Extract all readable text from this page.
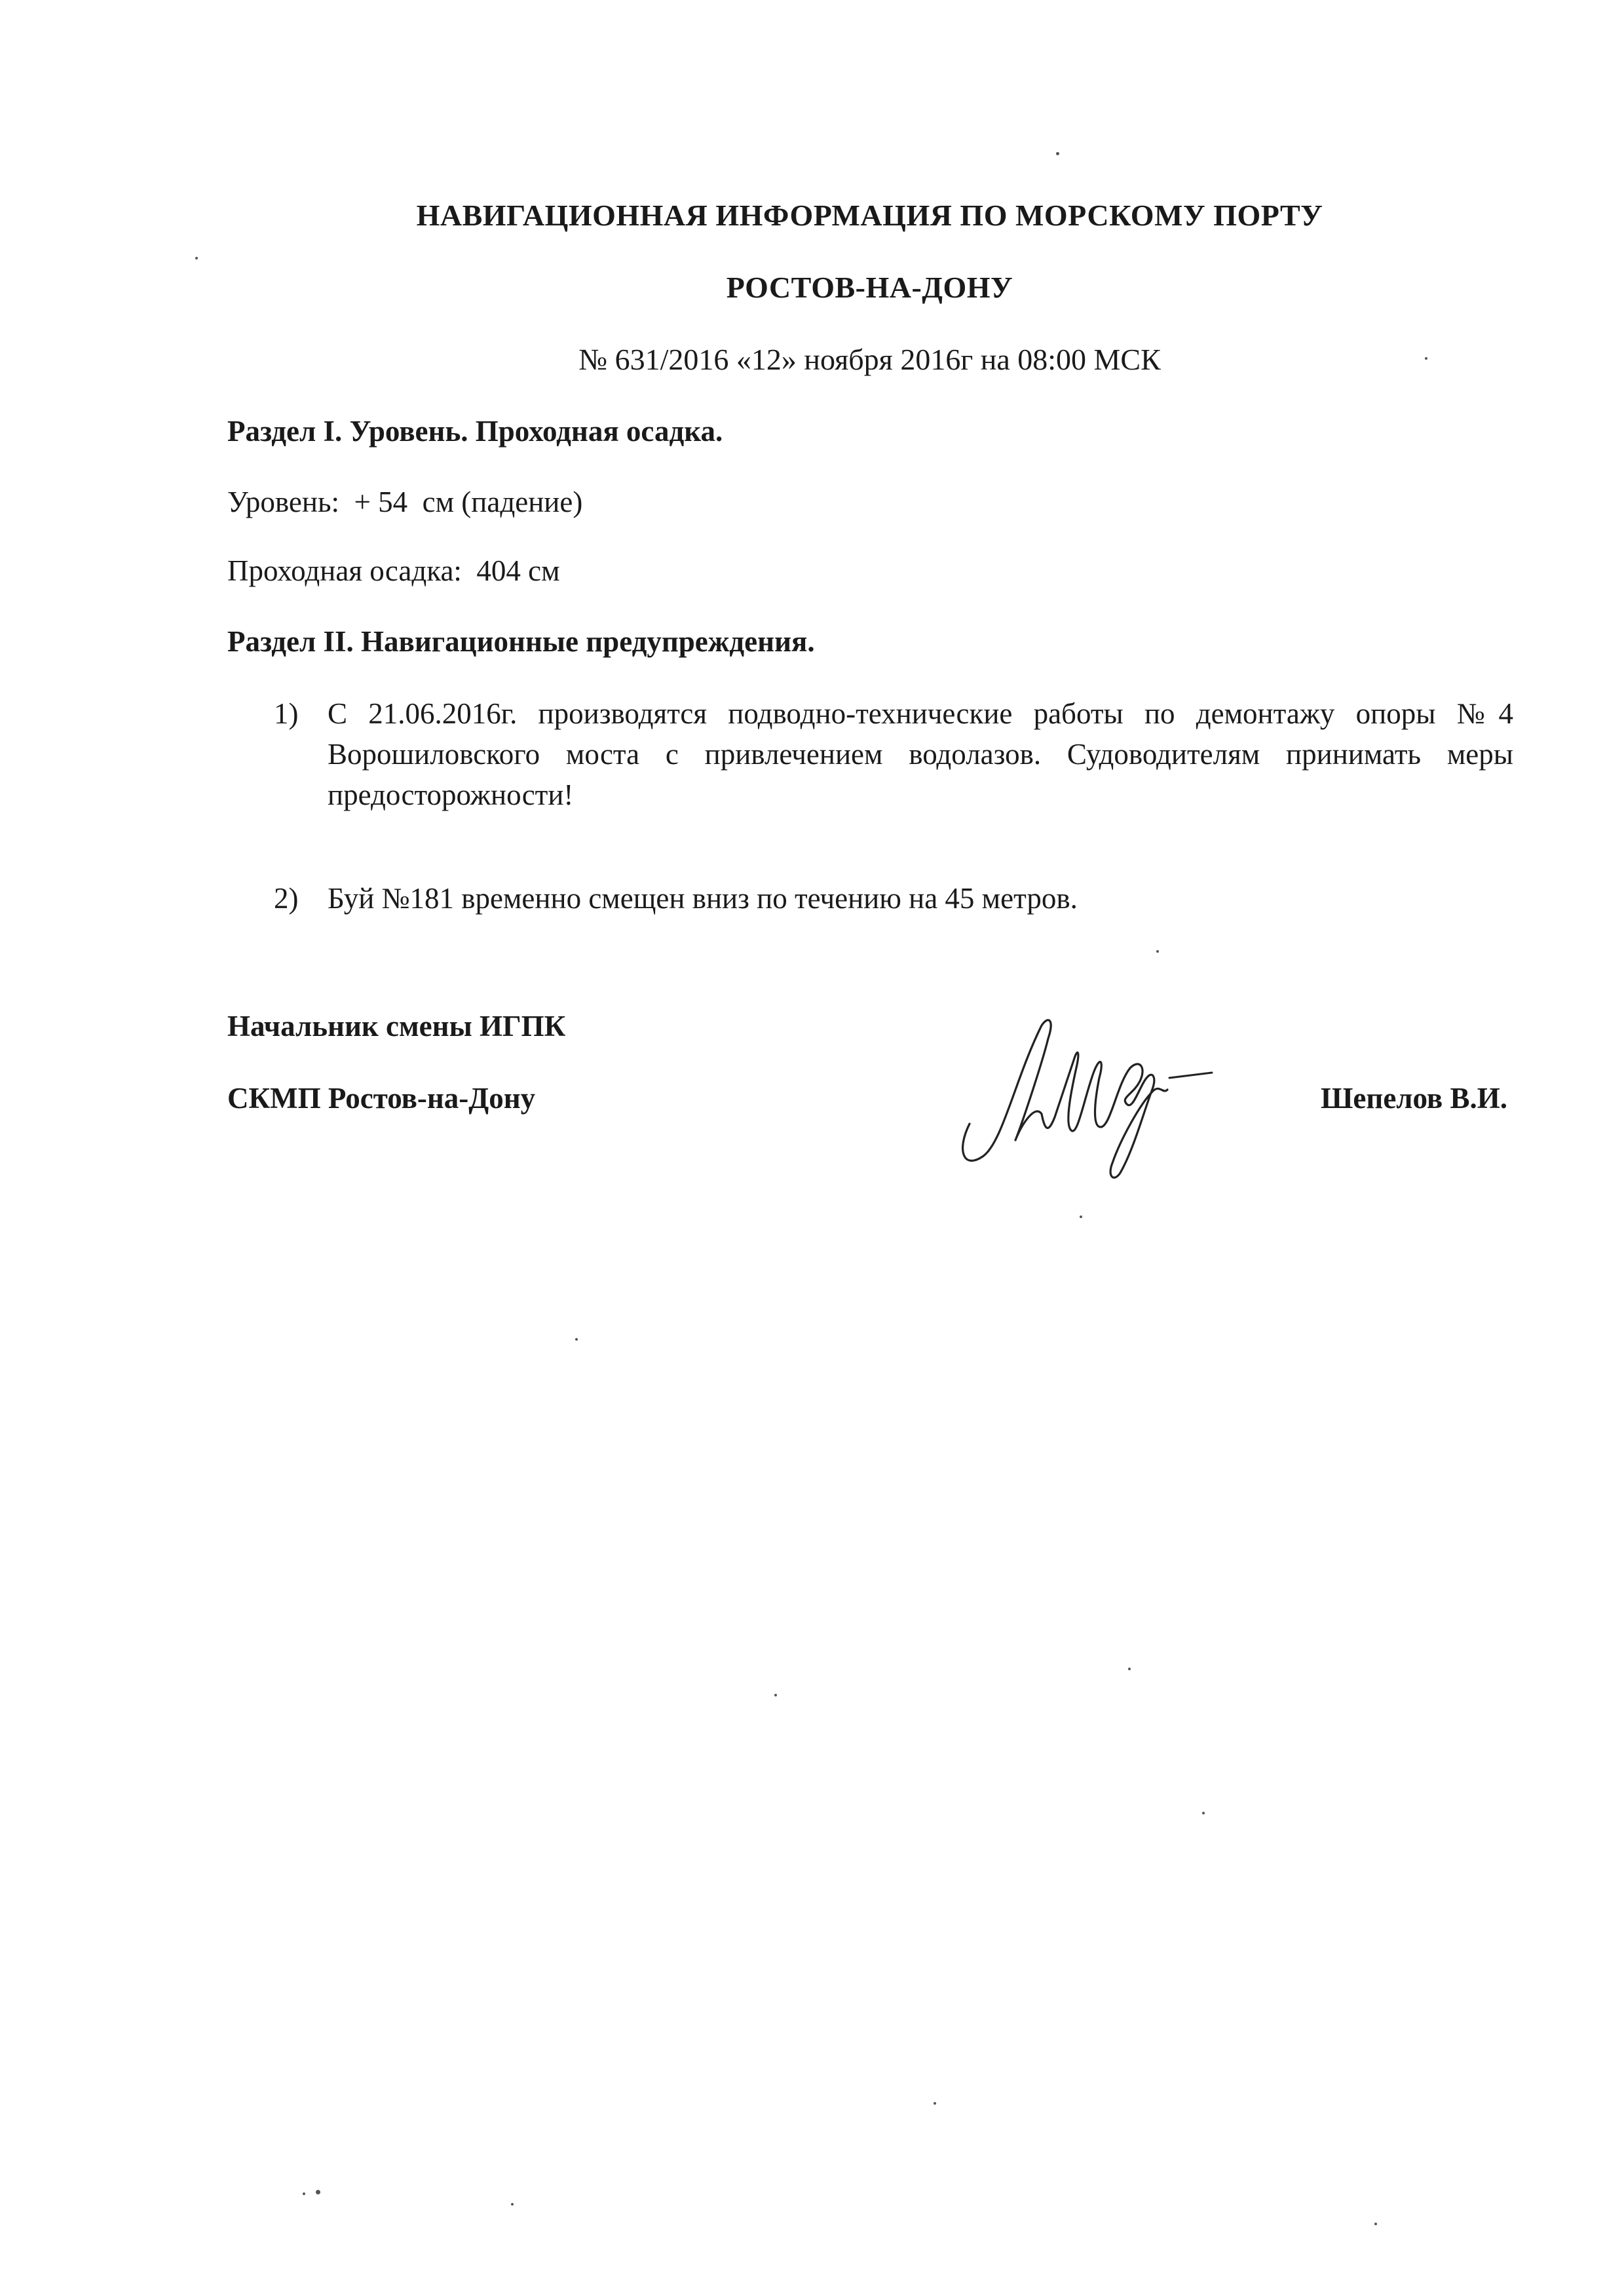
НАВИГАЦИОННАЯ ИНФОРМАЦИЯ ПО МОРСКОМУ ПОРТУ
РОСТОВ-НА-ДОНУ
№ 631/2016 «12» ноября 2016г на 08:00 МСК
Раздел I. Уровень. Проходная осадка.
Уровень:  + 54  см (падение)
Проходная осадка:  404 см
Раздел II. Навигационные предупреждения.
1) С 21.06.2016г. производятся подводно-технические работы по демонтажу опоры №4 Ворошиловского моста с привлечением водолазов. Судоводителям принимать меры предосторожности!
2) Буй №181 временно смещен вниз по течению на 45 метров.
Начальник смены ИГПК
СКМП Ростов-на-Дону	Шепелов В.И.
